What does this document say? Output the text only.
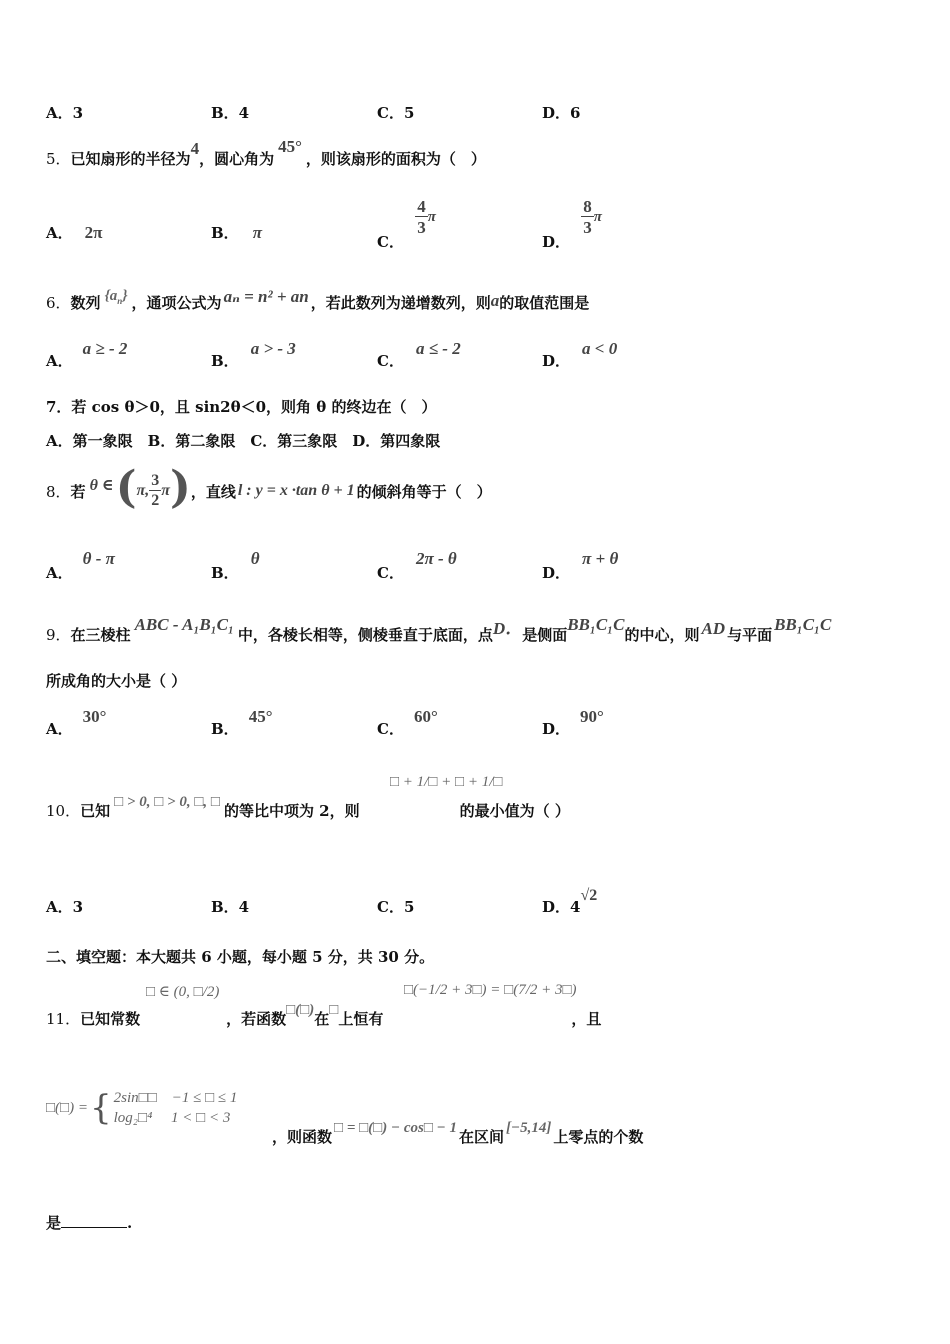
A．3	B．4	C．5	D．6
5．已知扇形的半径为4，圆心角为45°，则该扇形的面积为（　）
A． 2π	B． π	C．
$\frac{4}{3}$ π
D．
$\frac{8}{3}$ π
6．数列 $\{a_n\}$ ，通项公式为 aₙ = n² + an ，若此数列为递增数列，则a的取值范围是
A．a ≥ - 2
B．a > - 3
C．a ≤ - 2
D．a < 0
7．若 cos θ＞0，且 sin2θ＜0，则角 θ 的终边在（　）
A．第一象限　B．第二象限　C．第三象限　D．第四象限
8． 若 θ ∈ ( π, $\frac{3}{2}$ π ) ，直线 l : y = x ·tan θ + 1 的倾斜角等于（　）
A．θ - π
B．θ
C．2π - θ
D．π + θ
9．在三棱柱ABC - A₁B₁C₁中，各棱长相等，侧棱垂直于底面，点D．是侧面BB₁C₁C的中心，则 AD 与平面BB₁C₁C
所成角的大小是（ ）
A．30°
B．45°
C．60°
D．90°
10．已知 □ > 0, □ > 0, □, □ 的等比中项为 2，则	的最小值为（ ）
□ + 1/□ + □ + 1/□
A．3	B．4	C．5	D．4√2
二、填空题：本大题共 6 小题，每小题 5 分，共 30 分。
□ ∈ (0, □/2)	□(−1/2 + 3□) = □(7/2 + 3□)
11．已知常数	，若函数□(□)在□上恒有	，且
□(□) = { 2sin□□　−1 ≤ □ ≤ 1
log₂□⁴　 1 < □ < 3
，则函数 □ = □(□) − cos□ − 1 在区间 [−5,14] 上零点的个数
是	.
